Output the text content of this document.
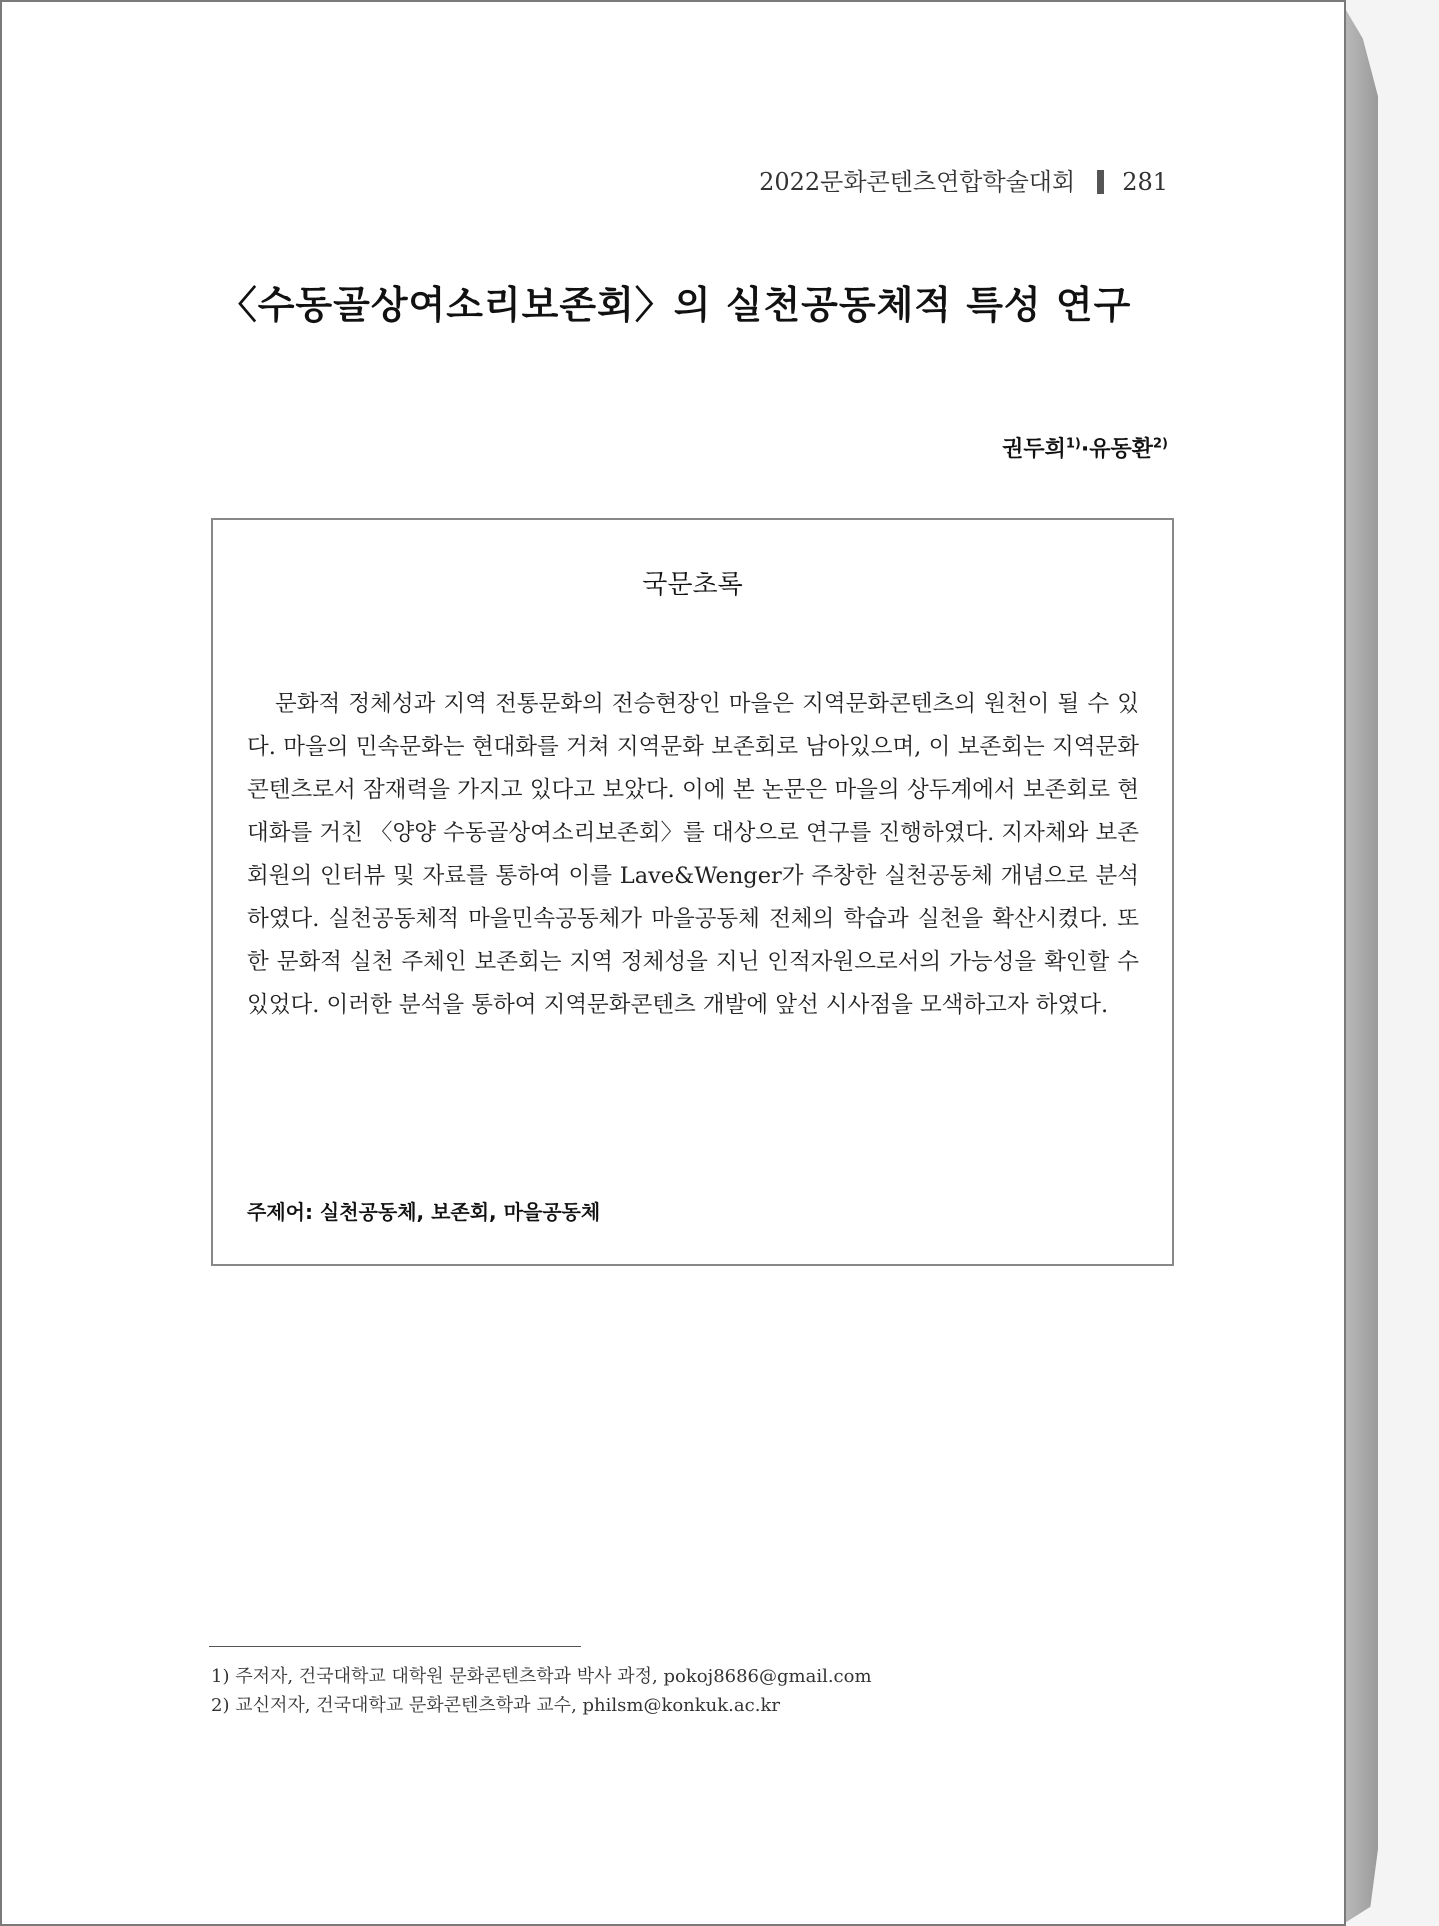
2022문화콘텐츠연합학술대회 281
〈수동골상여소리보존회〉의 실천공동체적 특성 연구
권두희$^{1)}$·유동환$^{2)}$
국문초록

문화적 정체성과 지역 전통문화의 전승현장인 마을은 지역문화콘텐츠의 원천이 될 수 있다. 마을의 민속문화는 현대화를 거쳐 지역문화 보존회로 남아있으며, 이 보존회는 지역문화콘텐츠로서 잠재력을 가지고 있다고 보았다. 이에 본 논문은 마을의 상두계에서 보존회로 현대화를 거친 〈양양 수동골상여소리보존회〉를 대상으로 연구를 진행하였다. 지자체와 보존회원의 인터뷰 및 자료를 통하여 이를 Lave&Wenger가 주창한 실천공동체 개념으로 분석하였다. 실천공동체적 마을민속공동체가 마을공동체 전체의 학습과 실천을 확산시켰다. 또한 문화적 실천 주체인 보존회는 지역 정체성을 지닌 인적자원으로서의 가능성을 확인할 수 있었다. 이러한 분석을 통하여 지역문화콘텐츠 개발에 앞선 시사점을 모색하고자 하였다.

주제어: 실천공동체, 보존회, 마을공동체
1) 주저자, 건국대학교 대학원 문화콘텐츠학과 박사 과정, pokoj8686@gmail.com
2) 교신저자, 건국대학교 문화콘텐츠학과 교수, philsm@konkuk.ac.kr
